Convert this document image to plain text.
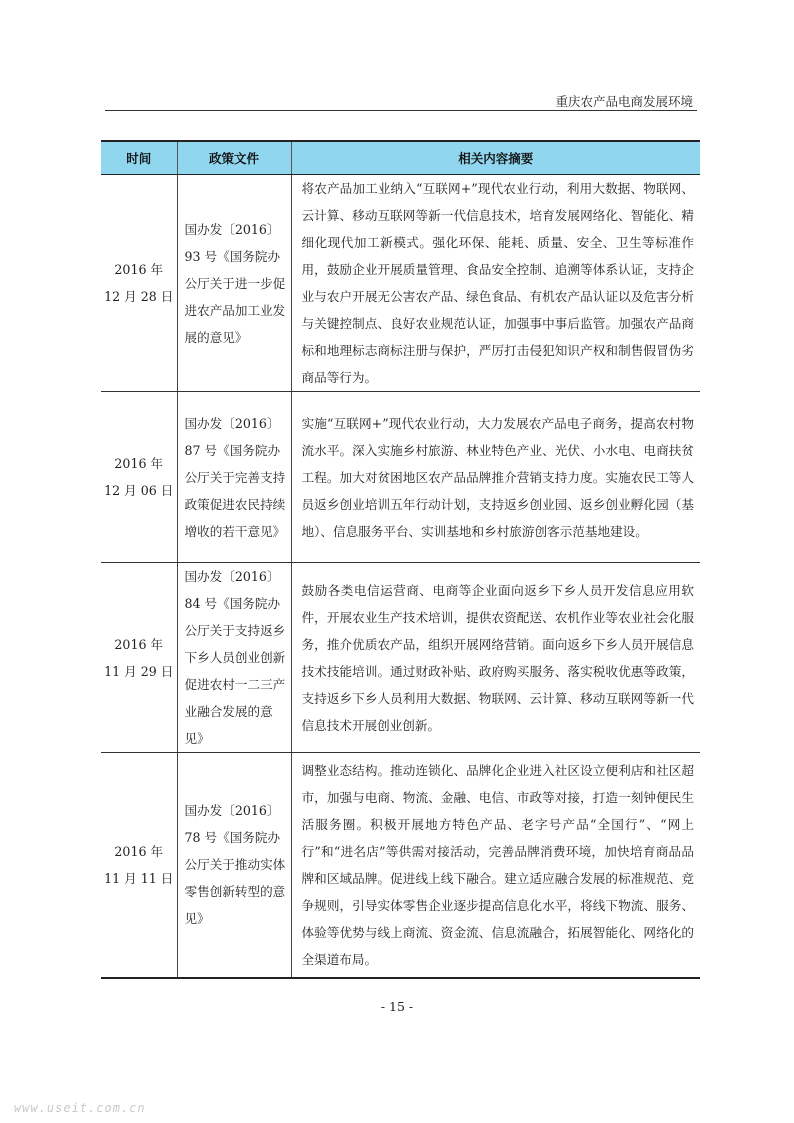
重庆农产品电商发展环境
时间	政策文件	相关内容摘要

2016 年
12 月 28 日	国办发〔2016〕93 号《国务院办公厅关于进一步促进农产品加工业发展的意见》	将农产品加工业纳入“互联网+”现代农业行动，利用大数据、物联网、云计算、移动互联网等新一代信息技术，培育发展网络化、智能化、精细化现代加工新模式。强化环保、能耗、质量、安全、卫生等标准作用，鼓励企业开展质量管理、食品安全控制、追溯等体系认证，支持企业与农户开展无公害农产品、绿色食品、有机农产品认证以及危害分析与关键控制点、良好农业规范认证，加强事中事后监管。加强农产品商标和地理标志商标注册与保护，严厉打击侵犯知识产权和制售假冒伪劣商品等行为。

2016 年
12 月 06 日	国办发〔2016〕87 号《国务院办公厅关于完善支持政策促进农民持续增收的若干意见》	实施“互联网+”现代农业行动，大力发展农产品电子商务，提高农村物流水平。深入实施乡村旅游、林业特色产业、光伏、小水电、电商扶贫工程。加大对贫困地区农产品品牌推介营销支持力度。实施农民工等人员返乡创业培训五年行动计划，支持返乡创业园、返乡创业孵化园（基地）、信息服务平台、实训基地和乡村旅游创客示范基地建设。

2016 年
11 月 29 日	国办发〔2016〕84 号《国务院办公厅关于支持返乡下乡人员创业创新促进农村一二三产业融合发展的意见》	鼓励各类电信运营商、电商等企业面向返乡下乡人员开发信息应用软件，开展农业生产技术培训，提供农资配送、农机作业等农业社会化服务，推介优质农产品，组织开展网络营销。面向返乡下乡人员开展信息技术技能培训。通过财政补贴、政府购买服务、落实税收优惠等政策，支持返乡下乡人员利用大数据、物联网、云计算、移动互联网等新一代信息技术开展创业创新。

2016 年
11 月 11 日	国办发〔2016〕78 号《国务院办公厅关于推动实体零售创新转型的意见》	调整业态结构。推动连锁化、品牌化企业进入社区设立便利店和社区超市，加强与电商、物流、金融、电信、市政等对接，打造一刻钟便民生活服务圈。积极开展地方特色产品、老字号产品“全国行”、“网上行”和“进名店”等供需对接活动，完善品牌消费环境，加快培育商品品牌和区域品牌。促进线上线下融合。建立适应融合发展的标准规范、竞争规则，引导实体零售企业逐步提高信息化水平，将线下物流、服务、体验等优势与线上商流、资金流、信息流融合，拓展智能化、网络化的全渠道布局。
- 15 -
www.useit.com.cn
